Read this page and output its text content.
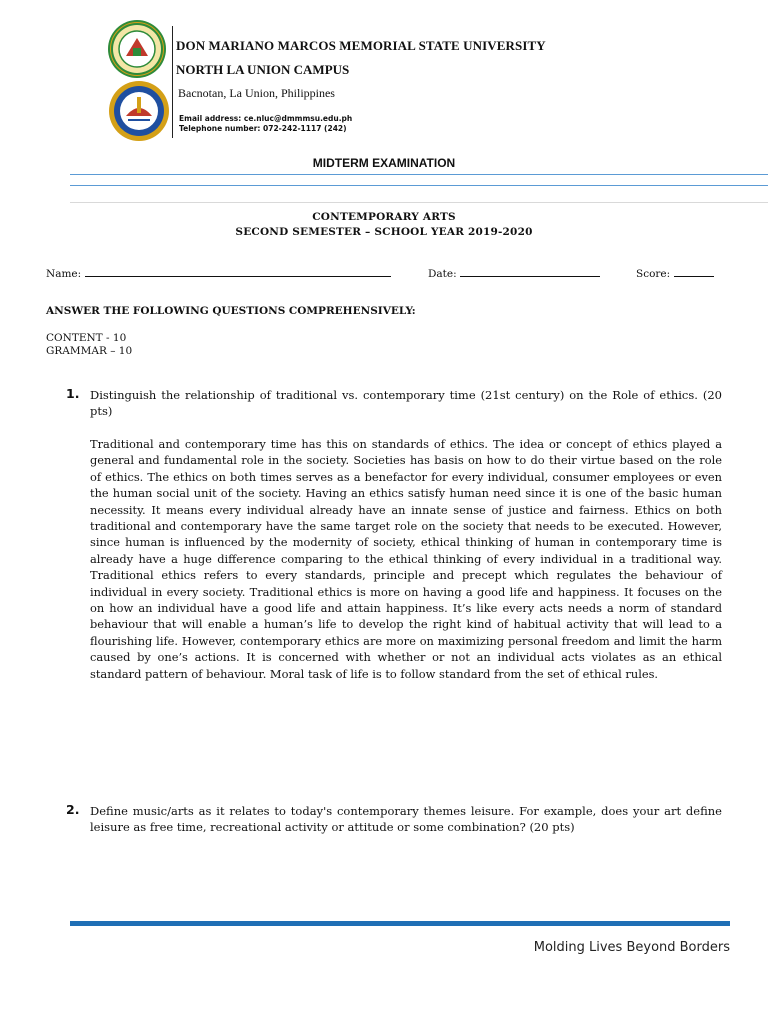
DON MARIANO MARCOS MEMORIAL STATE UNIVERSITY
NORTH LA UNION CAMPUS
Bacnotan, La Union, Philippines
Email address: ce.nluc@dmmmsu.edu.ph
Telephone number: 072-242-1117 (242)
MIDTERM EXAMINATION
CONTEMPORARY ARTS
SECOND SEMESTER – SCHOOL YEAR 2019-2020
Name:	Date:	Score:
ANSWER THE FOLLOWING QUESTIONS COMPREHENSIVELY:
CONTENT - 10
GRAMMAR – 10
1. Distinguish the relationship of traditional vs. contemporary time (21st century) on the Role of ethics. (20 pts)
Traditional and contemporary time has this on standards of ethics. The idea or concept of ethics played a general and fundamental role in the society. Societies has basis on how to do their virtue based on the role of ethics. The ethics on both times serves as a benefactor for every individual, consumer employees or even the human social unit of the society. Having an ethics satisfy human need since it is one of the basic human necessity. It means every individual already have an innate sense of justice and fairness. Ethics on both traditional and contemporary have the same target role on the society that needs to be executed. However, since human is influenced by the modernity of society, ethical thinking of human in contemporary time is already have a huge difference comparing to the ethical thinking of every individual in a traditional way. Traditional ethics refers to every standards, principle and precept which regulates the behaviour of individual in every society. Traditional ethics is more on having a good life and happiness. It focuses on the on how an individual have a good life and attain happiness. It’s like every acts needs a norm of standard behaviour that will enable a human’s life to develop the right kind of habitual activity that will lead to a flourishing life. However, contemporary ethics are more on maximizing personal freedom and limit the harm caused by one’s actions. It is concerned with whether or not an individual acts violates as an ethical standard pattern of behaviour. Moral task of life is to follow standard from the set of ethical rules.
2. Define music/arts as it relates to today's contemporary themes leisure. For example, does your art define leisure as free time, recreational activity or attitude or some combination? (20 pts)
Molding Lives Beyond Borders
